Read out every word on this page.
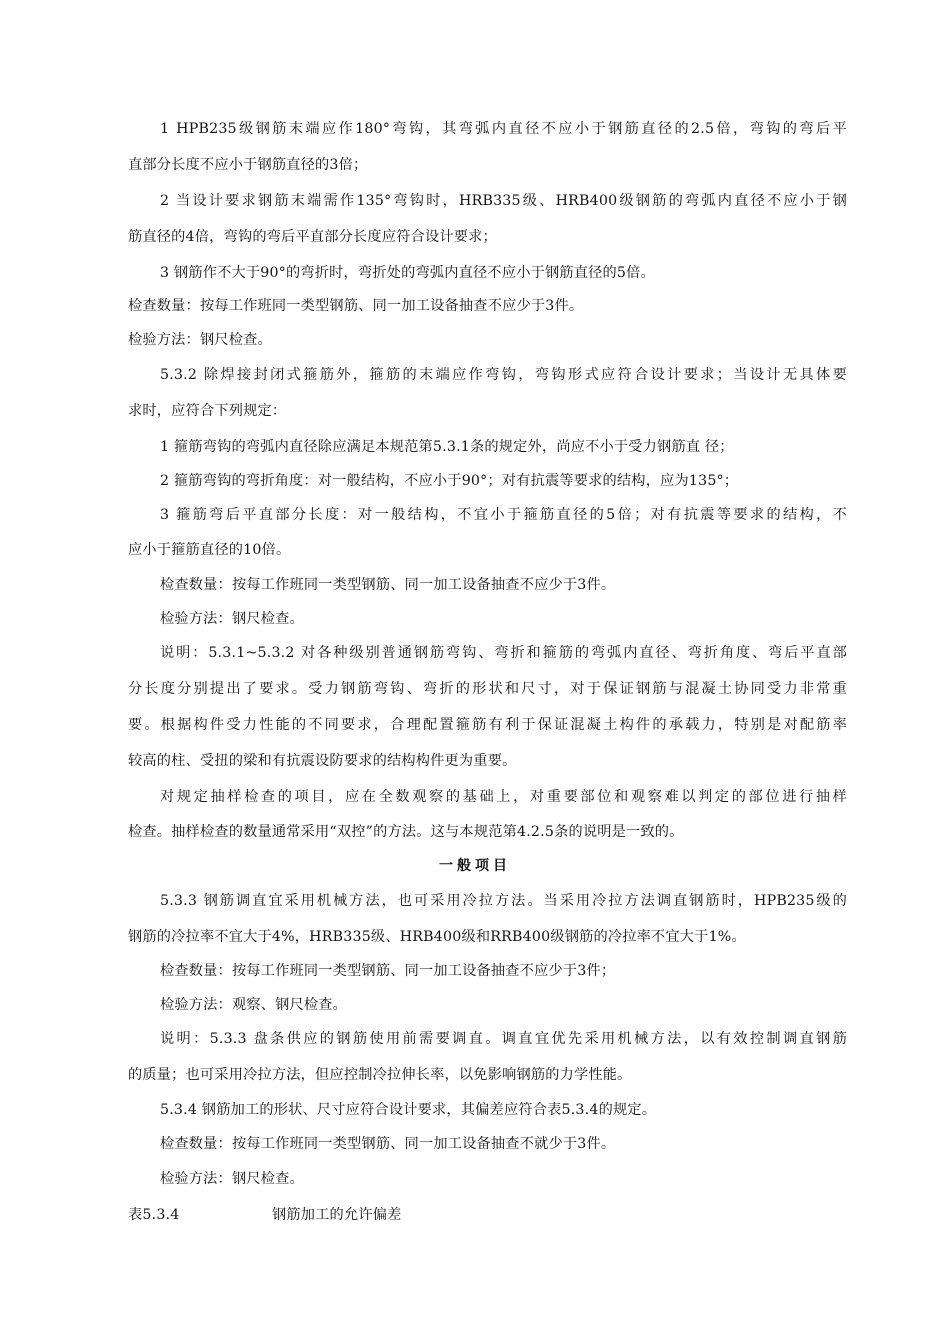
1 HPB235级钢筋末端应作180°弯钩，其弯弧内直径不应小于钢筋直径的2.5倍，弯钩的弯后平
直部分长度不应小于钢筋直径的3倍；
2 当设计要求钢筋末端需作135°弯钩时，HRB335级、HRB400级钢筋的弯弧内直径不应小于钢
筋直径的4倍，弯钩的弯后平直部分长度应符合设计要求；
3 钢筋作不大于90°的弯折时，弯折处的弯弧内直径不应小于钢筋直径的5倍。
检查数量：按每工作班同一类型钢筋、同一加工设备抽查不应少于3件。
检验方法：钢尺检查。
5.3.2 除焊接封闭式箍筋外，箍筋的末端应作弯钩，弯钩形式应符合设计要求；当设计无具体要
求时，应符合下列规定：
1 箍筋弯钩的弯弧内直径除应满足本规范第5.3.1条的规定外，尚应不小于受力钢筋直 径；
2 箍筋弯钩的弯折角度：对一般结构，不应小于90°；对有抗震等要求的结构，应为135°；
3 箍筋弯后平直部分长度：对一般结构，不宜小于箍筋直径的5倍；对有抗震等要求的结构，不
应小于箍筋直径的10倍。
检查数量：按每工作班同一类型钢筋、同一加工设备抽查不应少于3件。
检验方法：钢尺检查。
说明：5.3.1~5.3.2 对各种级别普通钢筋弯钩、弯折和箍筋的弯弧内直径、弯折角度、弯后平直部
分长度分别提出了要求。受力钢筋弯钩、弯折的形状和尺寸，对于保证钢筋与混凝土协同受力非常重
要。根据构件受力性能的不同要求，合理配置箍筋有利于保证混凝土构件的承载力，特别是对配筋率
较高的柱、受扭的梁和有抗震设防要求的结构构件更为重要。
对规定抽样检查的项目，应在全数观察的基础上，对重要部位和观察难以判定的部位进行抽样
检查。抽样检查的数量通常采用“双控”的方法。这与本规范第4.2.5条的说明是一致的。
一般项目
5.3.3 钢筋调直宜采用机械方法，也可采用冷拉方法。当采用冷拉方法调直钢筋时，HPB235级的
钢筋的冷拉率不宜大于4%，HRB335级、HRB400级和RRB400级钢筋的冷拉率不宜大于1%。
检查数量：按每工作班同一类型钢筋、同一加工设备抽查不应少于3件；
检验方法：观察、钢尺检查。
说明：5.3.3 盘条供应的钢筋使用前需要调直。调直宜优先采用机械方法，以有效控制调直钢筋
的质量；也可采用冷拉方法，但应控制冷拉伸长率，以免影响钢筋的力学性能。
5.3.4 钢筋加工的形状、尺寸应符合设计要求，其偏差应符合表5.3.4的规定。
检查数量：按每工作班同一类型钢筋、同一加工设备抽查不就少于3件。
检验方法：钢尺检查。
表5.3.4	钢筋加工的允许偏差
